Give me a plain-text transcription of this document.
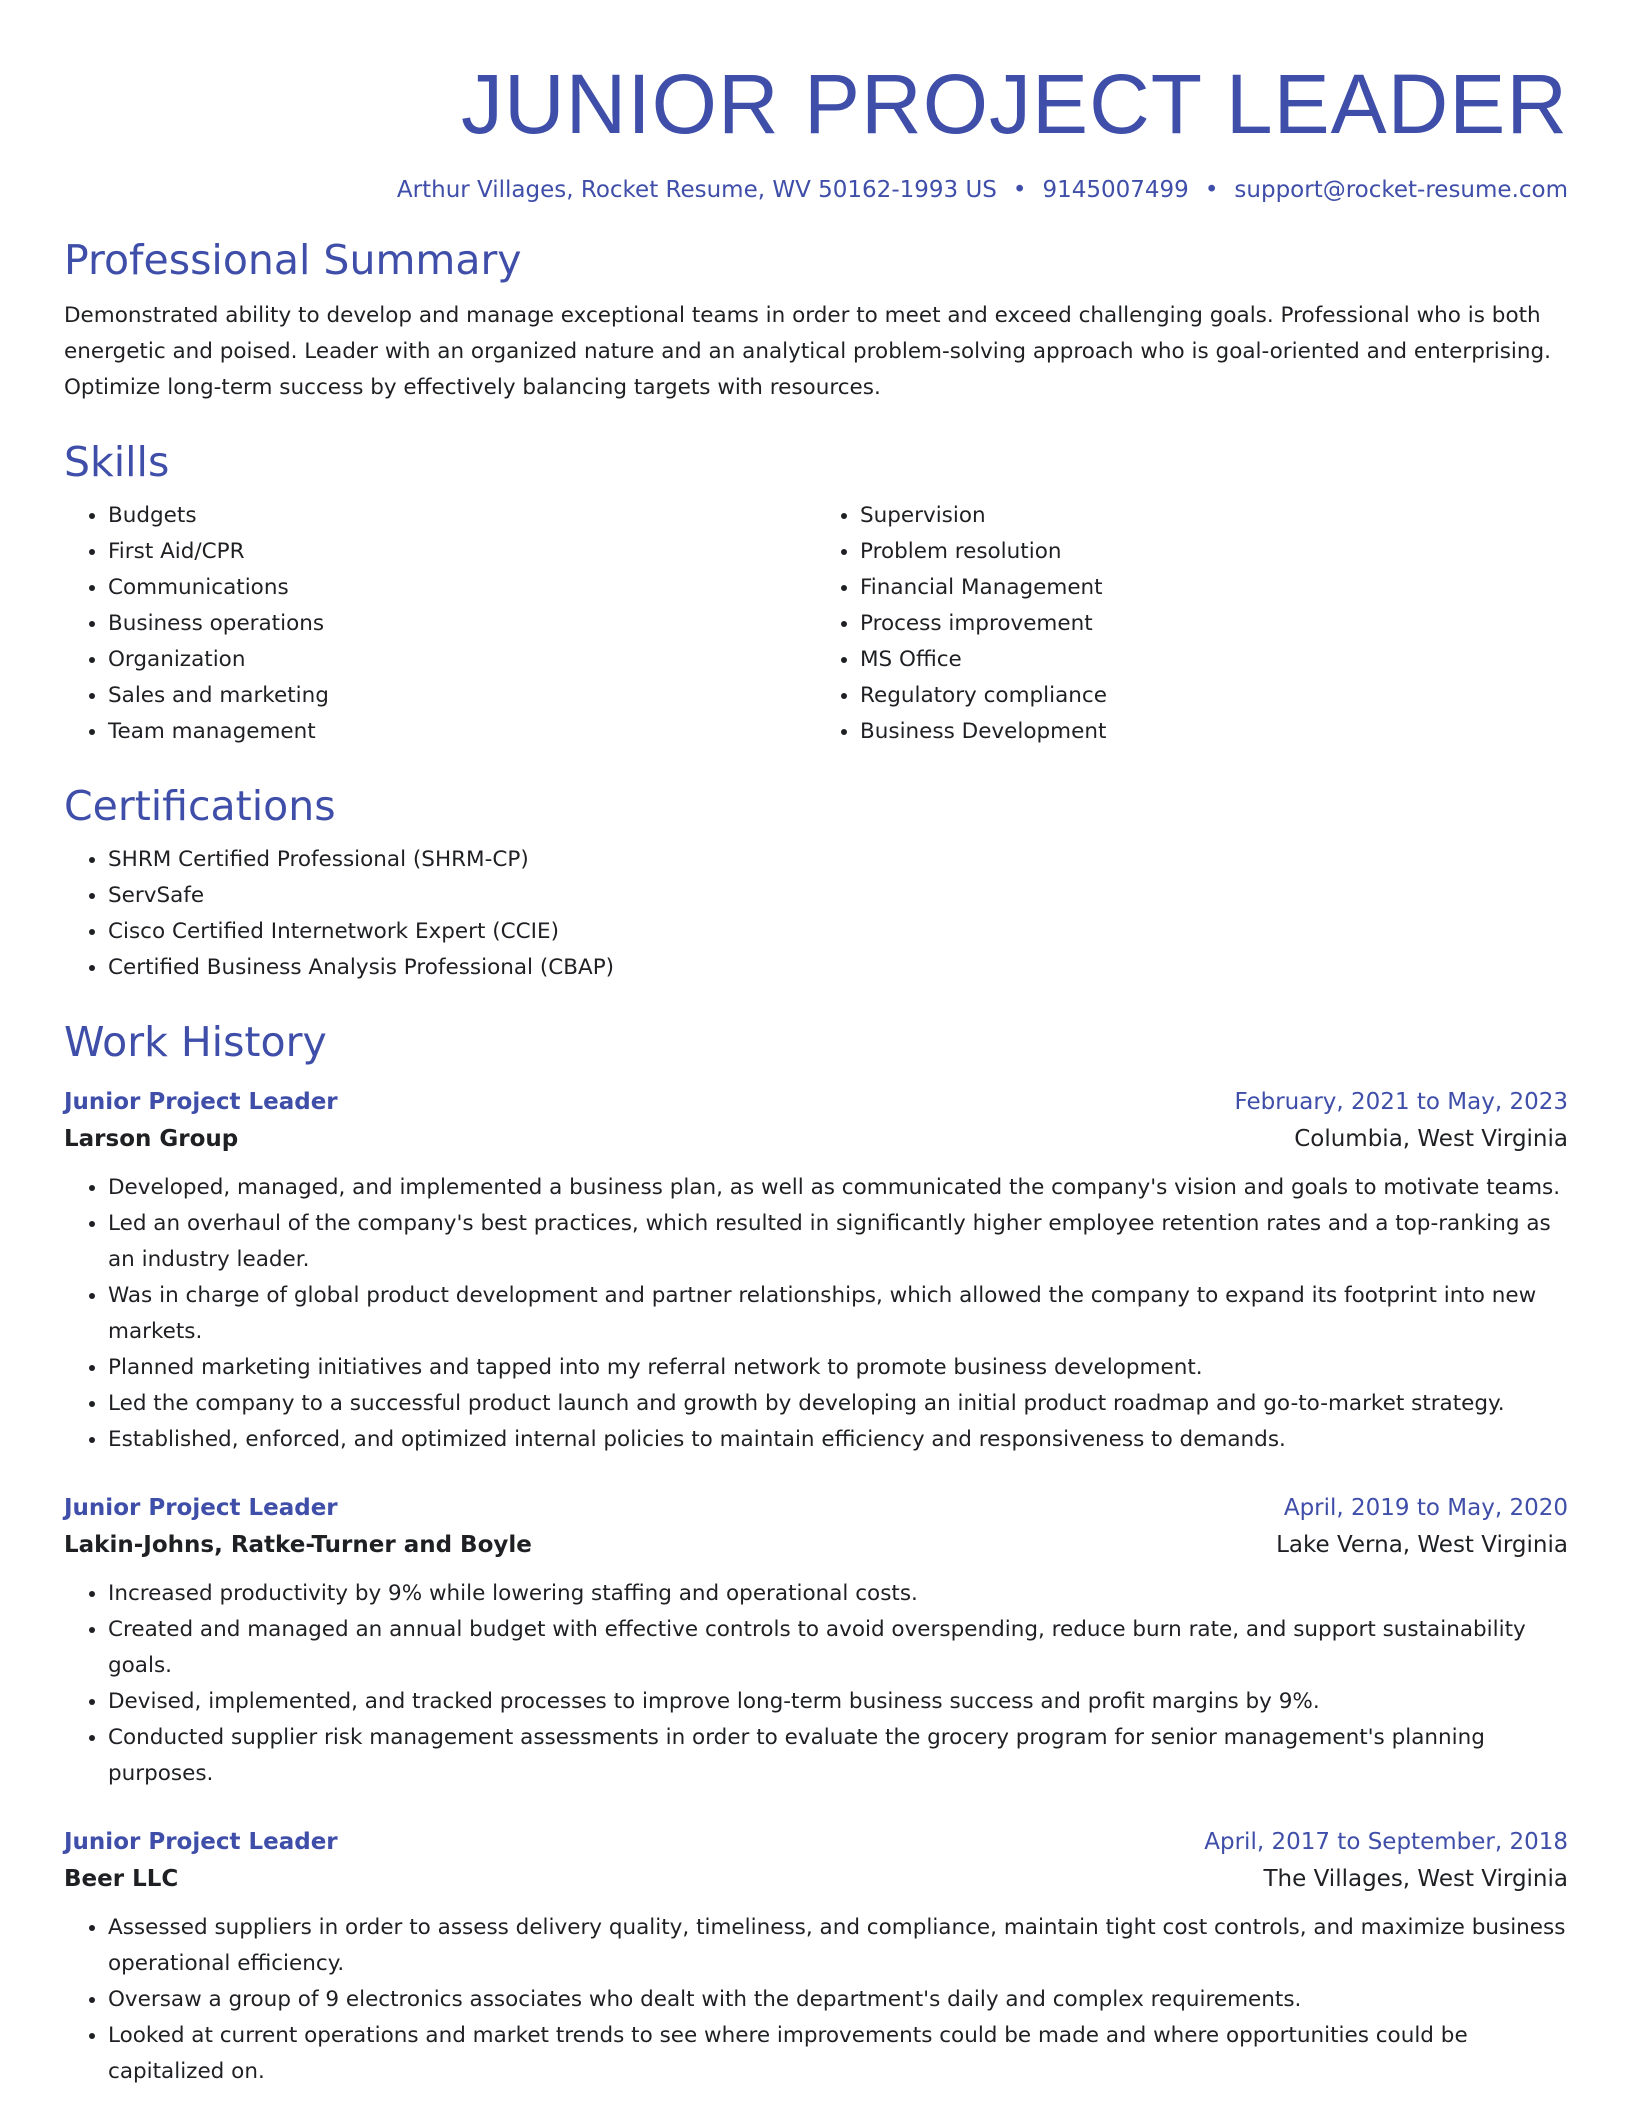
JUNIOR PROJECT LEADER
Arthur Villages, Rocket Resume, WV 50162-1993 US • 9145007499 • support@rocket-resume.com
Professional Summary
Demonstrated ability to develop and manage exceptional teams in order to meet and exceed challenging goals. Professional who is both energetic and poised. Leader with an organized nature and an analytical problem-solving approach who is goal-oriented and enterprising. Optimize long-term success by effectively balancing targets with resources.
Skills
• Budgets
• First Aid/CPR
• Communications
• Business operations
• Organization
• Sales and marketing
• Team management
• Supervision
• Problem resolution
• Financial Management
• Process improvement
• MS Office
• Regulatory compliance
• Business Development
Certifications
• SHRM Certified Professional (SHRM-CP)
• ServSafe
• Cisco Certified Internetwork Expert (CCIE)
• Certified Business Analysis Professional (CBAP)
Work History
Junior Project Leader	February, 2021 to May, 2023
Larson Group	Columbia, West Virginia
• Developed, managed, and implemented a business plan, as well as communicated the company's vision and goals to motivate teams.
• Led an overhaul of the company's best practices, which resulted in significantly higher employee retention rates and a top-ranking as an industry leader.
• Was in charge of global product development and partner relationships, which allowed the company to expand its footprint into new markets.
• Planned marketing initiatives and tapped into my referral network to promote business development.
• Led the company to a successful product launch and growth by developing an initial product roadmap and go-to-market strategy.
• Established, enforced, and optimized internal policies to maintain efficiency and responsiveness to demands.
Junior Project Leader	April, 2019 to May, 2020
Lakin-Johns, Ratke-Turner and Boyle	Lake Verna, West Virginia
• Increased productivity by 9% while lowering staffing and operational costs.
• Created and managed an annual budget with effective controls to avoid overspending, reduce burn rate, and support sustainability goals.
• Devised, implemented, and tracked processes to improve long-term business success and profit margins by 9%.
• Conducted supplier risk management assessments in order to evaluate the grocery program for senior management's planning purposes.
Junior Project Leader	April, 2017 to September, 2018
Beer LLC	The Villages, West Virginia
• Assessed suppliers in order to assess delivery quality, timeliness, and compliance, maintain tight cost controls, and maximize business operational efficiency.
• Oversaw a group of 9 electronics associates who dealt with the department's daily and complex requirements.
• Looked at current operations and market trends to see where improvements could be made and where opportunities could be capitalized on.
